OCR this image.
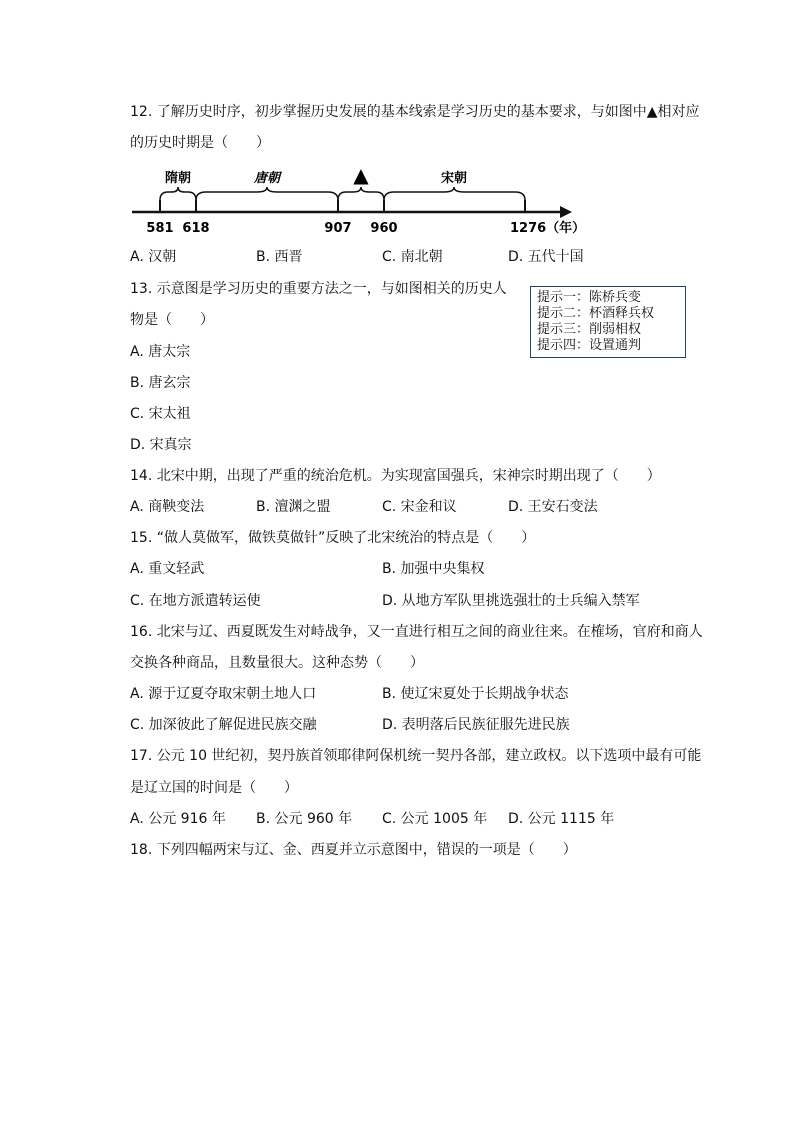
12. 了解历史时序，初步掌握历史发展的基本线索是学习历史的基本要求，与如图中▲相对应
的历史时期是（　　）
隋朝	唐朝	宋朝
▲
581 618	907 960	1276（年）
A. 汉朝	B. 西晋	C. 南北朝	D. 五代十国
13. 示意图是学习历史的重要方法之一，与如图相关的历史人
物是（　　）
提示一：陈桥兵变
提示二：杯酒释兵权
提示三：削弱相权
提示四：设置通判
A. 唐太宗
B. 唐玄宗
C. 宋太祖
D. 宋真宗
14. 北宋中期，出现了严重的统治危机。为实现富国强兵，宋神宗时期出现了（　　）
A. 商鞅变法	B. 澶渊之盟	C. 宋金和议	D. 王安石变法
15. “做人莫做军，做铁莫做针”反映了北宋统治的特点是（　　）
A. 重文轻武	B. 加强中央集权
C. 在地方派遣转运使	D. 从地方军队里挑选强壮的士兵编入禁军
16. 北宋与辽、西夏既发生对峙战争，又一直进行相互之间的商业往来。在榷场，官府和商人
交换各种商品，且数量很大。这种态势（　　）
A. 源于辽夏夺取宋朝土地人口	B. 使辽宋夏处于长期战争状态
C. 加深彼此了解促进民族交融	D. 表明落后民族征服先进民族
17. 公元 10 世纪初，契丹族首领耶律阿保机统一契丹各部，建立政权。以下选项中最有可能
是辽立国的时间是（　　）
A. 公元 916 年 B. 公元 960 年 C. 公元 1005 年 D. 公元 1115 年
18. 下列四幅两宋与辽、金、西夏并立示意图中，错误的一项是（　　）
